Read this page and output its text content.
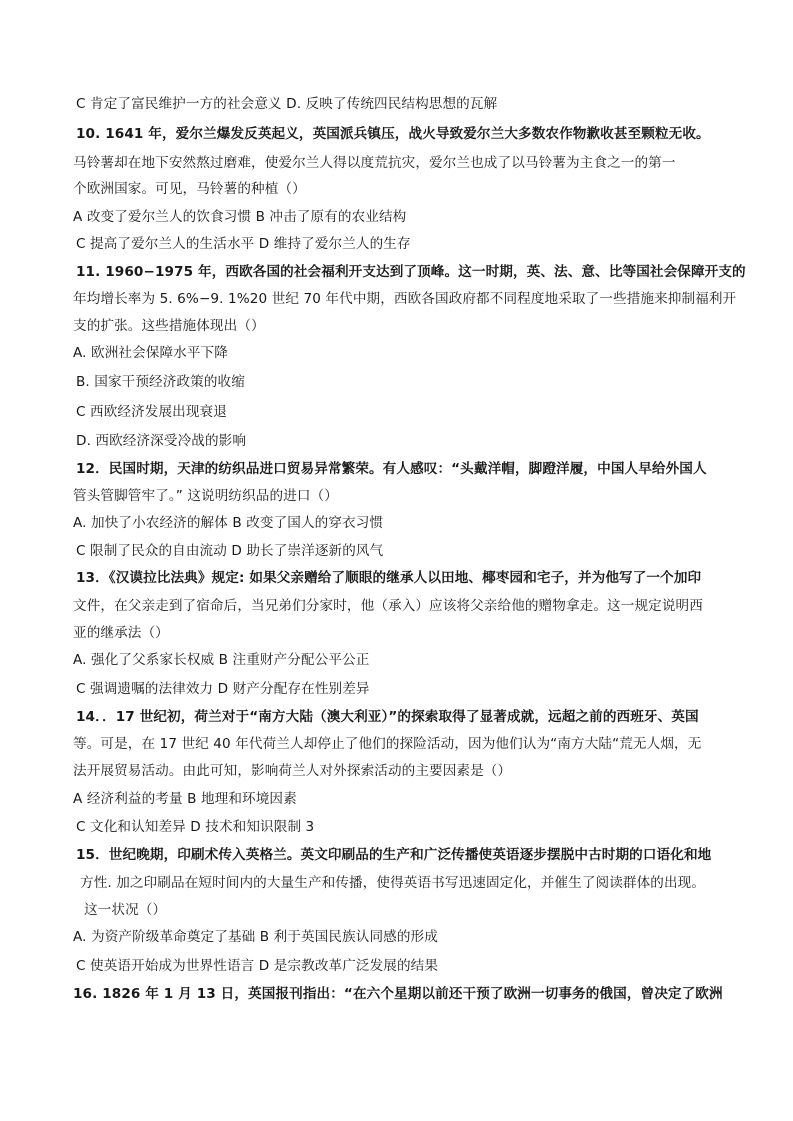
C 肯定了富民维护一方的社会意义 D. 反映了传统四民结构思想的瓦解
10. 1641 年，爱尔兰爆发反英起义，英国派兵镇压，战火导致爱尔兰大多数农作物歉收甚至颗粒无收。
马铃薯却在地下安然熬过磨难，使爱尔兰人得以度荒抗灾，爱尔兰也成了以马铃薯为主食之一的第一
个欧洲国家。可见，马铃薯的种植（）
A 改变了爱尔兰人的饮食习惯 B 冲击了原有的农业结构
C 提高了爱尔兰人的生活水平 D 维持了爱尔兰人的生存
11. 1960−1975 年，西欧各国的社会福利开支达到了顶峰。这一时期，英、法、意、比等国社会保障开支的
年均增长率为 5. 6%−9. 1%20 世纪 70 年代中期，西欧各国政府都不同程度地采取了一些措施来抑制福利开
支的扩张。这些措施体现出（）
A. 欧洲社会保障水平下降
B. 国家干预经济政策的收缩
C 西欧经济发展出现衰退
D. 西欧经济深受冷战的影响
12．民国时期，天津的纺织品进口贸易异常繁荣。有人感叹：“头戴洋帽，脚蹬洋履，中国人早给外国人
管头管脚管牢了。” 这说明纺织品的进口（）
A. 加快了小农经济的解体 B 改变了国人的穿衣习惯
C 限制了民众的自由流动 D 助长了崇洋逐新的风气
13．《汉谟拉比法典》规定: 如果父亲赠给了顺眼的继承人以田地、椰枣园和宅子，并为他写了一个加印
文件，在父亲走到了宿命后，当兄弟们分家时，他（承入）应该将父亲给他的赠物拿走。这一规定说明西
亚的继承法（）
A. 强化了父系家长权威 B 注重财产分配公平公正
C 强调遗嘱的法律效力 D 财产分配存在性别差异
14．．17 世纪初，荷兰对于“南方大陆（澳大利亚）”的探索取得了显著成就，远超之前的西班牙、英国
等。可是，在 17 世纪 40 年代荷兰人却停止了他们的探险活动，因为他们认为“南方大陆“荒无人烟，无
法开展贸易活动。由此可知，影响荷兰人对外探索活动的主要因素是（）
A 经济利益的考量 B 地理和环境因素
C 文化和认知差异 D 技术和知识限制 3
15．世纪晚期，印刷术传入英格兰。英文印刷品的生产和广泛传播使英语逐步摆脱中古时期的口语化和地
方性. 加之印刷品在短时间内的大量生产和传播，使得英语书写迅速固定化，并催生了阅读群体的出现。
这一状况（）
A. 为资产阶级革命奠定了基础 B 利于英国民族认同感的形成
C 使英语开始成为世界性语言 D 是宗教改革广泛发展的结果
16. 1826 年 1 月 13 日，英国报刊指出：“在六个星期以前还干预了欧洲一切事务的俄国，曾决定了欧洲
